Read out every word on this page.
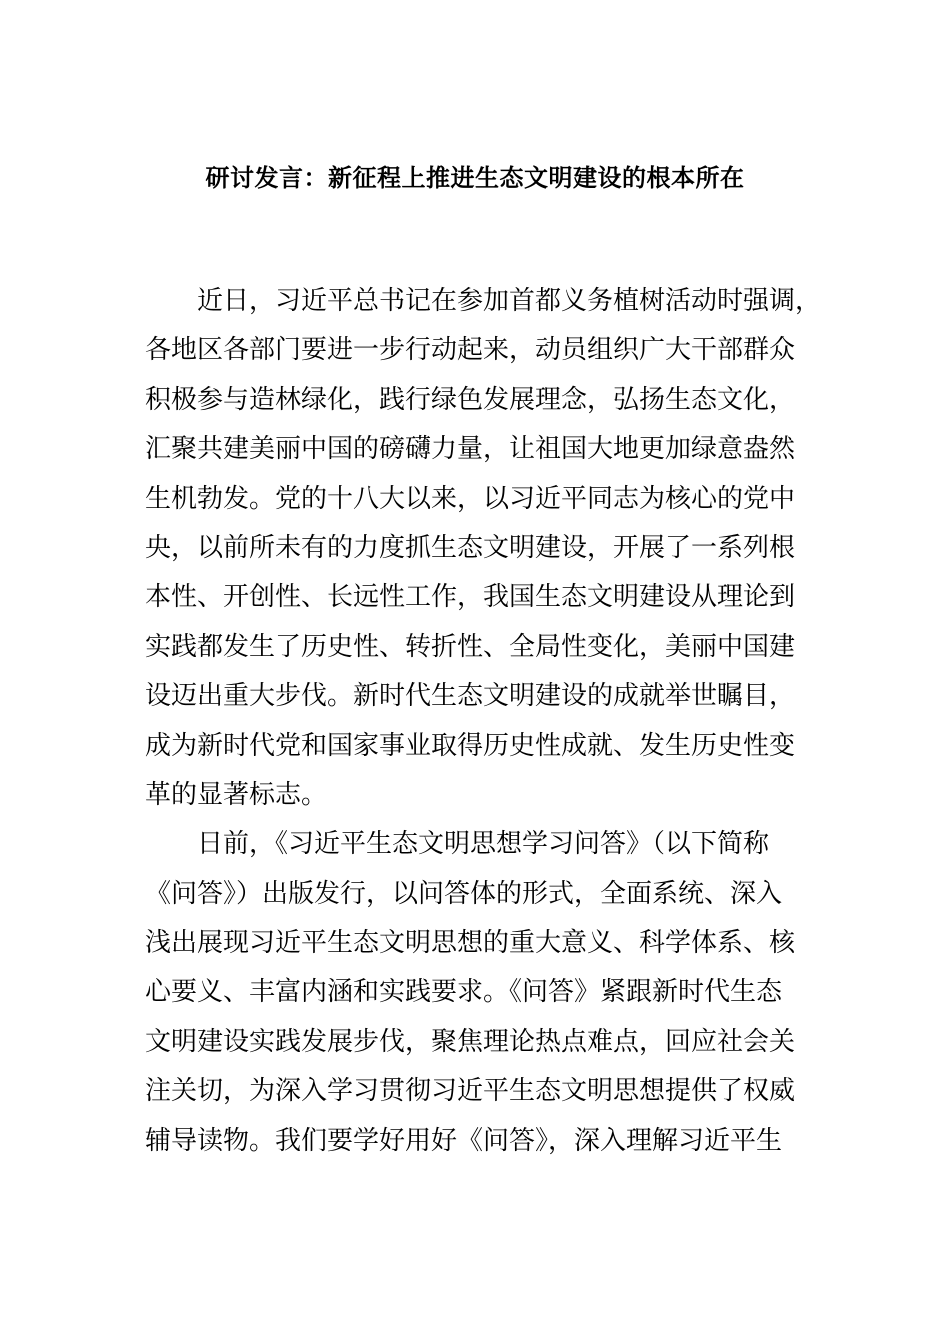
研讨发言：新征程上推进生态文明建设的根本所在
近日，习近平总书记在参加首都义务植树活动时强调，
各地区各部门要进一步行动起来，动员组织广大干部群众
积极参与造林绿化，践行绿色发展理念，弘扬生态文化，
汇聚共建美丽中国的磅礴力量，让祖国大地更加绿意盎然
生机勃发。党的十八大以来，以习近平同志为核心的党中
央，以前所未有的力度抓生态文明建设，开展了一系列根
本性、开创性、长远性工作，我国生态文明建设从理论到
实践都发生了历史性、转折性、全局性变化，美丽中国建
设迈出重大步伐。新时代生态文明建设的成就举世瞩目，
成为新时代党和国家事业取得历史性成就、发生历史性变
革的显著标志。
日前，《习近平生态文明思想学习问答》（以下简称
《问答》）出版发行，以问答体的形式，全面系统、深入
浅出展现习近平生态文明思想的重大意义、科学体系、核
心要义、丰富内涵和实践要求。《问答》紧跟新时代生态
文明建设实践发展步伐，聚焦理论热点难点，回应社会关
注关切，为深入学习贯彻习近平生态文明思想提供了权威
辅导读物。我们要学好用好《问答》，深入理解习近平生
